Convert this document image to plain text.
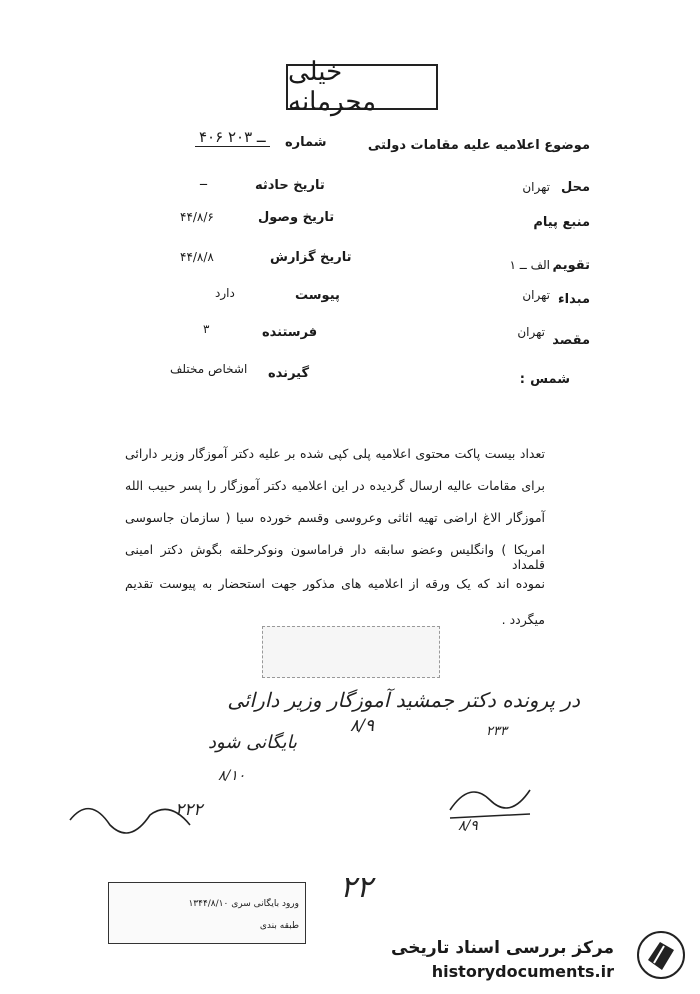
خیلی محرمانه
شماره
۴۰۶ ــ ۲۰۳	موضوع اعلامیه علیه مقامات دولتی
محل
تهران
منبع پیام
تقویم
الف ــ ۱
مبداء
تهران
مقصد
تهران
شمس
:
تاریخ حادثه
ــ
تاریخ وصول
۴۴/۸/۶
تاریخ گزارش
۴۴/۸/۸
پیوست
دارد
فرستنده
۳
گیرنده
اشخاص مختلف
تعداد بیست پاکت محتوی اعلامیه پلی کپی شده بر علیه دکتر آموزگار وزیر دارائی
برای مقامات عالیه ارسال گردیده در این اعلامیه دکتر آموزگار را پسر حبیب الله
آموزگار الاغ اراضی تهیه اثاثی وعروسی وقسم خورده سیا ( سازمان جاسوسی
امریکا ) وانگلیس وعضو سابقه دار فراماسون ونوکرحلقه بگوش دکتر امینی قلمداد
نموده اند که یک ورقه از اعلامیه های مذکور جهت استحضار به پیوست تقدیم
میگردد .
در پرونده دکتر جمشید آموزگار وزیر دارائی
۸/۹	۲۳۳
بایگانی شود
۸/۱۰
۸/۹
۲۲۲
۲۲
ورود بایگانی سری ۱۳۴۴/۸/۱۰
طبقه بندی
مرکز بررسی اسناد تاریخی
historydocuments.ir
